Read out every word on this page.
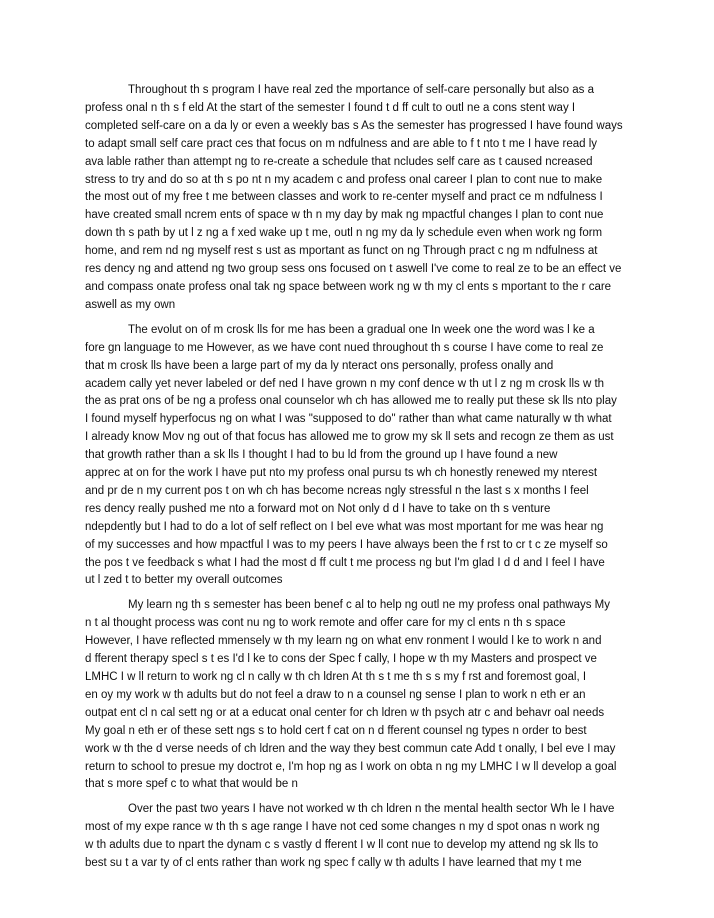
Throughout th s program I have real zed the mportance of self-care personally but also as a
profess onal n th s f eld At the start of the semester I found t d ff cult to outl ne a cons stent way I
completed self-care on a da ly or even a weekly bas s As the semester has progressed I have found ways
to adapt small self care pract ces that focus on m ndfulness and are able to f t nto t me I have read ly
ava lable rather than attempt ng to re-create a schedule that ncludes self care as t caused ncreased
stress to try and do so at th s po nt n my academ c and profess onal career I plan to cont nue to make
the most out of my free t me between classes and work to re-center myself and pract ce m ndfulness I
have created small ncrem ents of space w th n my day by mak ng mpactful changes I plan to cont nue
down th s path by ut l z ng a f xed wake up t me, outl n ng my da ly schedule even when work ng form
home, and rem nd ng myself rest s ust as mportant as funct on ng Through pract c ng m ndfulness at
res dency ng and attend ng two group sess ons focused on t aswell I've come to real ze to be an effect ve
and compass onate profess onal tak ng space between work ng w th my cl ents s mportant to the r care
aswell as my own
The evolut on of m crosk lls for me has been a gradual one In week one the word was l ke a
fore gn language to me However, as we have cont nued throughout th s course I have come to real ze
that m crosk lls have been a large part of my da ly nteract ons personally, profess onally and
academ cally yet never labeled or def ned I have grown n my conf dence w th ut l z ng m crosk lls w th
the as prat ons of be ng a profess onal counselor wh ch has allowed me to really put these sk lls nto play
I found myself hyperfocus ng on what I was "supposed to do" rather than what came naturally w th what
I already know Mov ng out of that focus has allowed me to grow my sk ll sets and recogn ze them as ust
that growth rather than a sk lls I thought I had to bu ld from the ground up I have found a new
apprec at on for the work I have put nto my profess onal pursu ts wh ch honestly renewed my nterest
and pr de n my current pos t on wh ch has become ncreas ngly stressful n the last s x months I feel
res dency really pushed me nto a forward mot on Not only d d I have to take on th s venture
ndepdently but I had to do a lot of self reflect on I bel eve what was most mportant for me was hear ng
of my successes and how mpactful I was to my peers I have always been the f rst to cr t c ze myself so
the pos t ve feedback s what I had the most d ff cult t me process ng but I'm glad I d d and I feel I have
ut l zed t to better my overall outcomes
My learn ng th s semester has been benef c al to help ng outl ne my profess onal pathways My
n t al thought process was cont nu ng to work remote and offer care for my cl ents n th s space
However, I have reflected mmensely w th my learn ng on what env ronment I would l ke to work n and
d fferent therapy specl s t es I'd l ke to cons der Spec f cally, I hope w th my Masters and prospect ve
LMHC I w ll return to work ng cl n cally w th ch ldren At th s t me th s s my f rst and foremost goal, I
en oy my work w th adults but do not feel a draw to n a counsel ng sense I plan to work n eth er an
outpat ent cl n cal sett ng or at a educat onal center for ch ldren w th psych atr c and behavr oal needs
My goal n eth er of these sett ngs s to hold cert f cat on n d fferent counsel ng types n order to best
work w th the d verse needs of ch ldren and the way they best commun cate Add t onally, I bel eve I may
return to school to presue my doctrot e, I'm hop ng as I work on obta n ng my LMHC I w ll develop a goal
that s more spef c to what that would be n
Over the past two years I have not worked w th ch ldren n the mental health sector Wh le I have
most of my expe rance w th th s age range I have not ced some changes n my d spot onas n work ng
w th adults due to npart the dynam c s vastly d fferent I w ll cont nue to develop my attend ng sk lls to
best su t a var ty of cl ents rather than work ng spec f cally w th adults I have learned that my t me
